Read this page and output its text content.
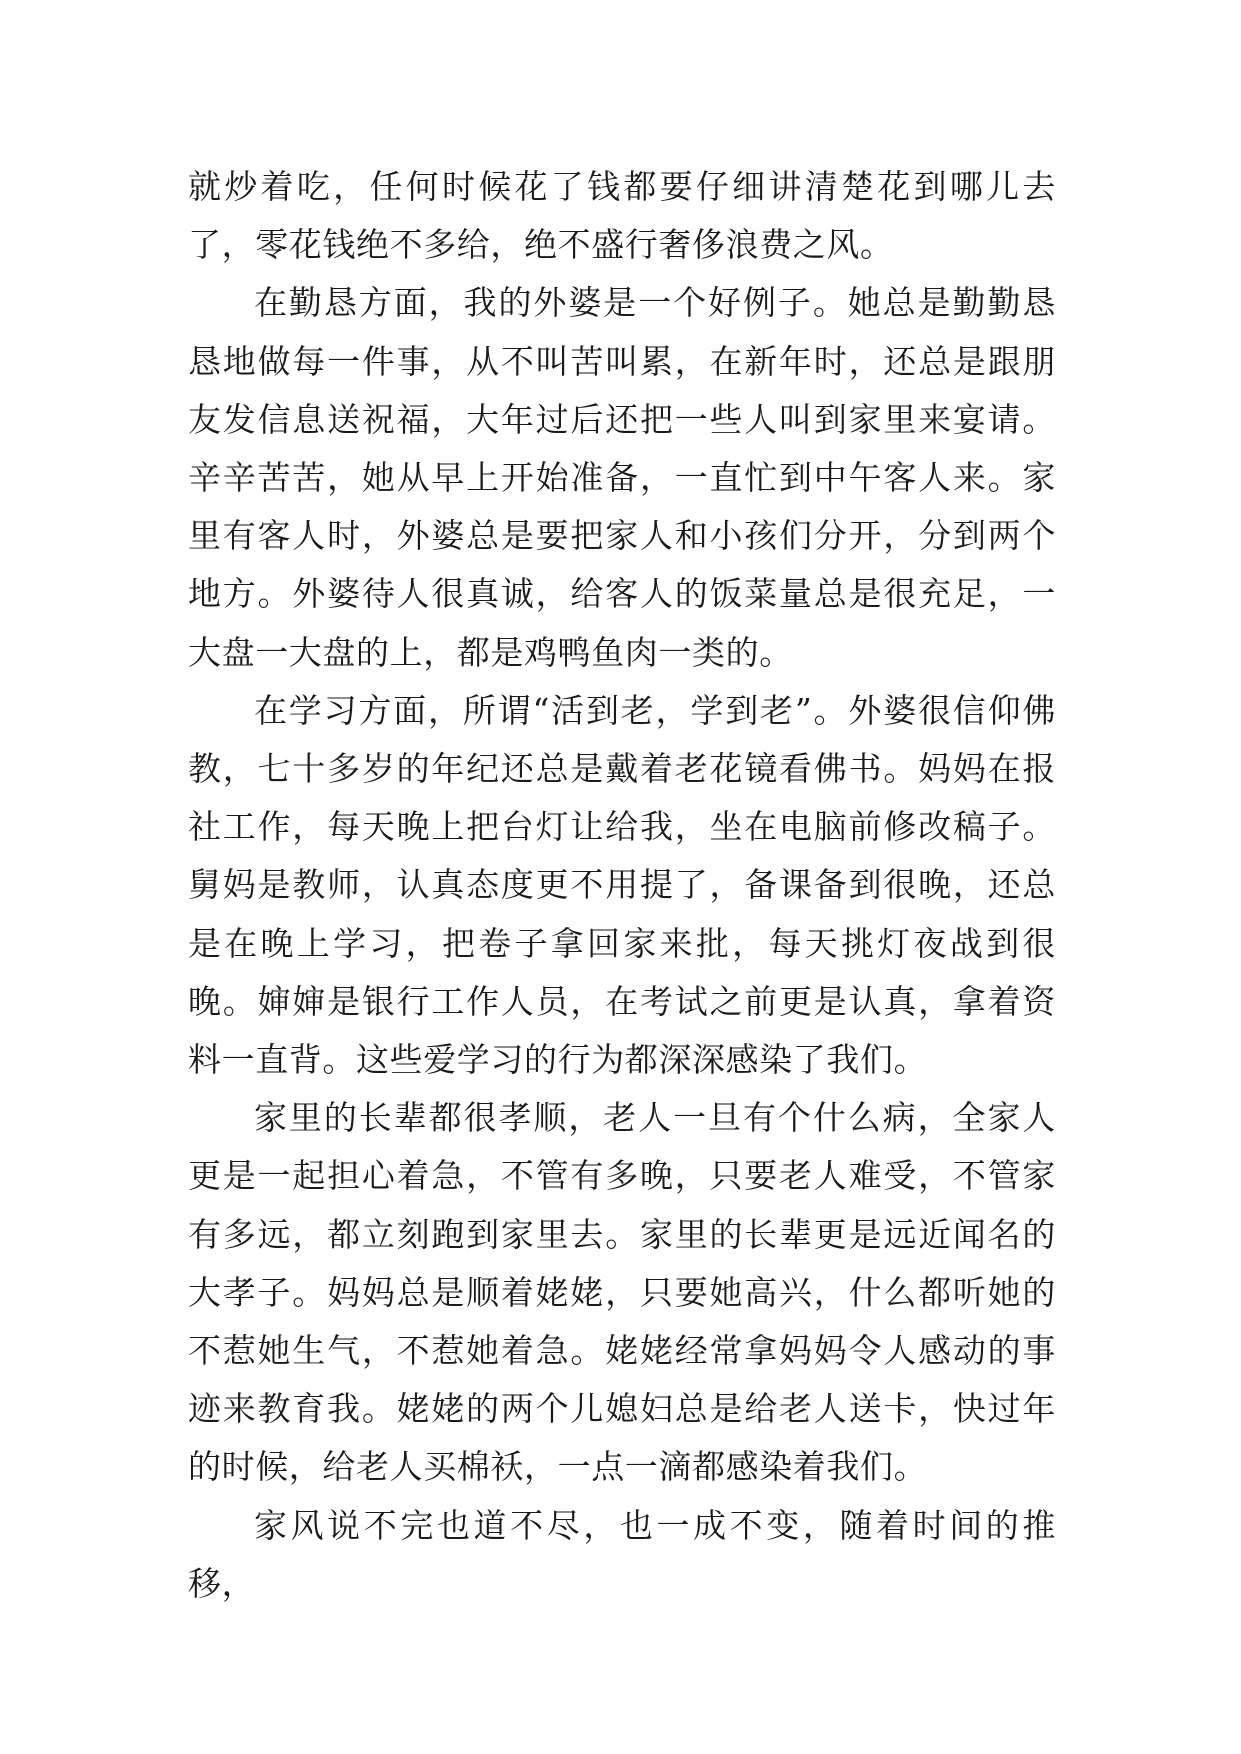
就炒着吃，任何时候花了钱都要仔细讲清楚花到哪儿去了，零花钱绝不多给，绝不盛行奢侈浪费之风。

在勤恳方面，我的外婆是一个好例子。她总是勤勤恳恳地做每一件事，从不叫苦叫累，在新年时，还总是跟朋友发信息送祝福，大年过后还把一些人叫到家里来宴请。辛辛苦苦，她从早上开始准备，一直忙到中午客人来。家里有客人时，外婆总是要把家人和小孩们分开，分到两个地方。外婆待人很真诚，给客人的饭菜量总是很充足，一大盘一大盘的上，都是鸡鸭鱼肉一类的。

在学习方面，所谓“活到老，学到老”。外婆很信仰佛教，七十多岁的年纪还总是戴着老花镜看佛书。妈妈在报社工作，每天晚上把台灯让给我，坐在电脑前修改稿子。舅妈是教师，认真态度更不用提了，备课备到很晚，还总是在晚上学习，把卷子拿回家来批，每天挑灯夜战到很晚。婶婶是银行工作人员，在考试之前更是认真，拿着资料一直背。这些爱学习的行为都深深感染了我们。

家里的长辈都很孝顺，老人一旦有个什么病，全家人更是一起担心着急，不管有多晚，只要老人难受，不管家有多远，都立刻跑到家里去。家里的长辈更是远近闻名的大孝子。妈妈总是顺着姥姥，只要她高兴，什么都听她的不惹她生气，不惹她着急。姥姥经常拿妈妈令人感动的事迹来教育我。姥姥的两个儿媳妇总是给老人送卡，快过年的时候，给老人买棉袄，一点一滴都感染着我们。

家风说不完也道不尽，也一成不变，随着时间的推移，
